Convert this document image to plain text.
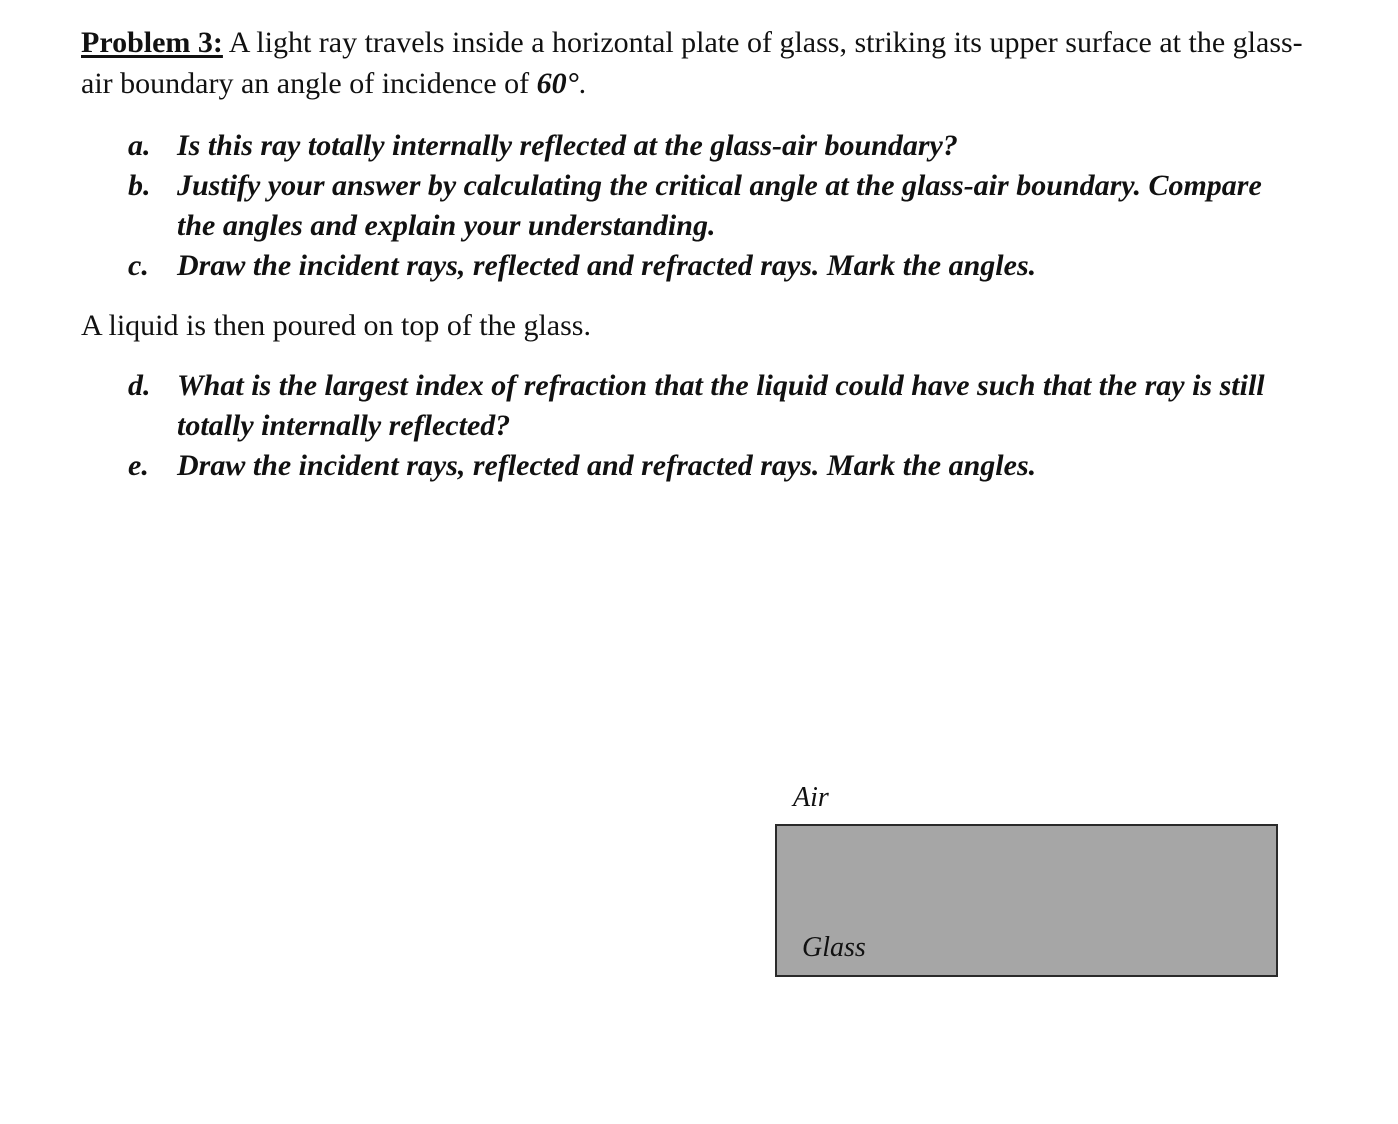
Problem 3: A light ray travels inside a horizontal plate of glass, striking its upper surface at the glass-air boundary an angle of incidence of 60°.

a. Is this ray totally internally reflected at the glass-air boundary?
b. Justify your answer by calculating the critical angle at the glass-air boundary. Compare the angles and explain your understanding.
c. Draw the incident rays, reflected and refracted rays. Mark the angles.

A liquid is then poured on top of the glass.

d. What is the largest index of refraction that the liquid could have such that the ray is still totally internally reflected?
e. Draw the incident rays, reflected and refracted rays. Mark the angles.
Air
Glass
